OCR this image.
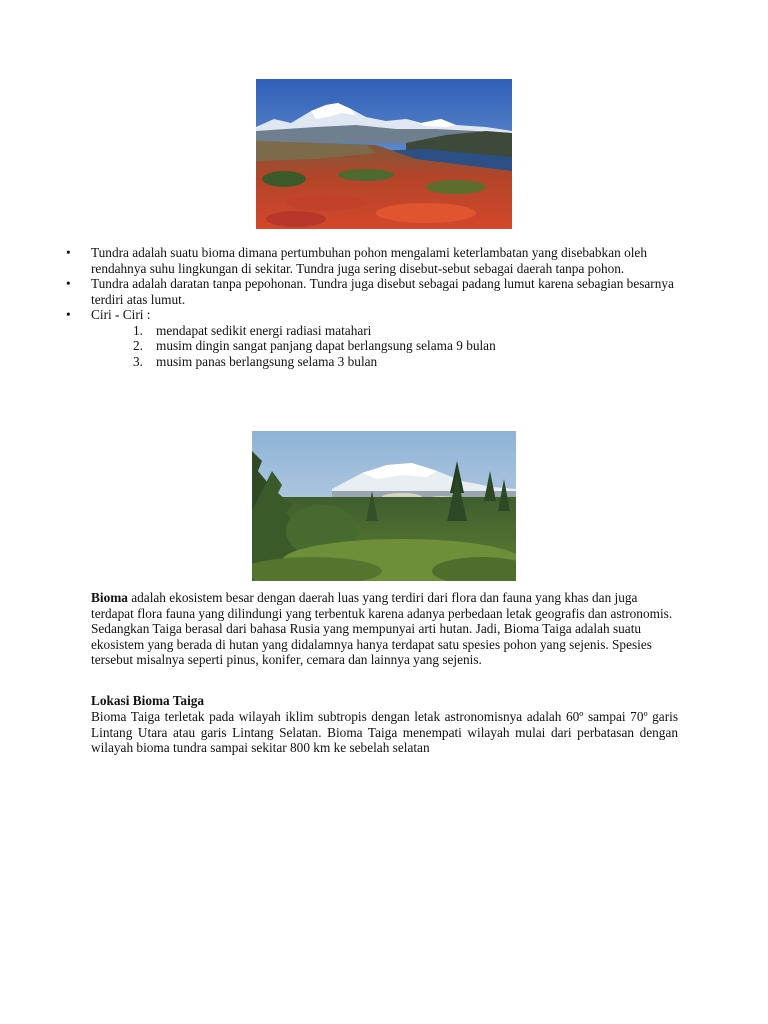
• Tundra adalah suatu bioma dimana pertumbuhan pohon mengalami keterlambatan yang disebabkan oleh rendahnya suhu lingkungan di sekitar. Tundra juga sering disebut-sebut sebagai daerah tanpa pohon.
• Tundra adalah daratan tanpa pepohonan. Tundra juga disebut sebagai padang lumut karena sebagian besarnya terdiri atas lumut.
• Ciri - Ciri :
1. mendapat sedikit energi radiasi matahari
2. musim dingin sangat panjang dapat berlangsung selama 9 bulan
3. musim panas berlangsung selama 3 bulan
Bioma adalah ekosistem besar dengan daerah luas yang terdiri dari flora dan fauna yang khas dan juga terdapat flora fauna yang dilindungi yang terbentuk karena adanya perbedaan letak geografis dan astronomis. Sedangkan Taiga berasal dari bahasa Rusia yang mempunyai arti hutan. Jadi, Bioma Taiga adalah suatu ekosistem yang berada di hutan yang didalamnya hanya terdapat satu spesies pohon yang sejenis. Spesies tersebut misalnya seperti pinus, konifer, cemara dan lainnya yang sejenis.
Lokasi Bioma Taiga
Bioma Taiga terletak pada wilayah iklim subtropis dengan letak astronomisnya adalah 60º sampai 70º garis Lintang Utara atau garis Lintang Selatan. Bioma Taiga menempati wilayah mulai dari perbatasan dengan wilayah bioma tundra sampai sekitar 800 km ke sebelah selatan
